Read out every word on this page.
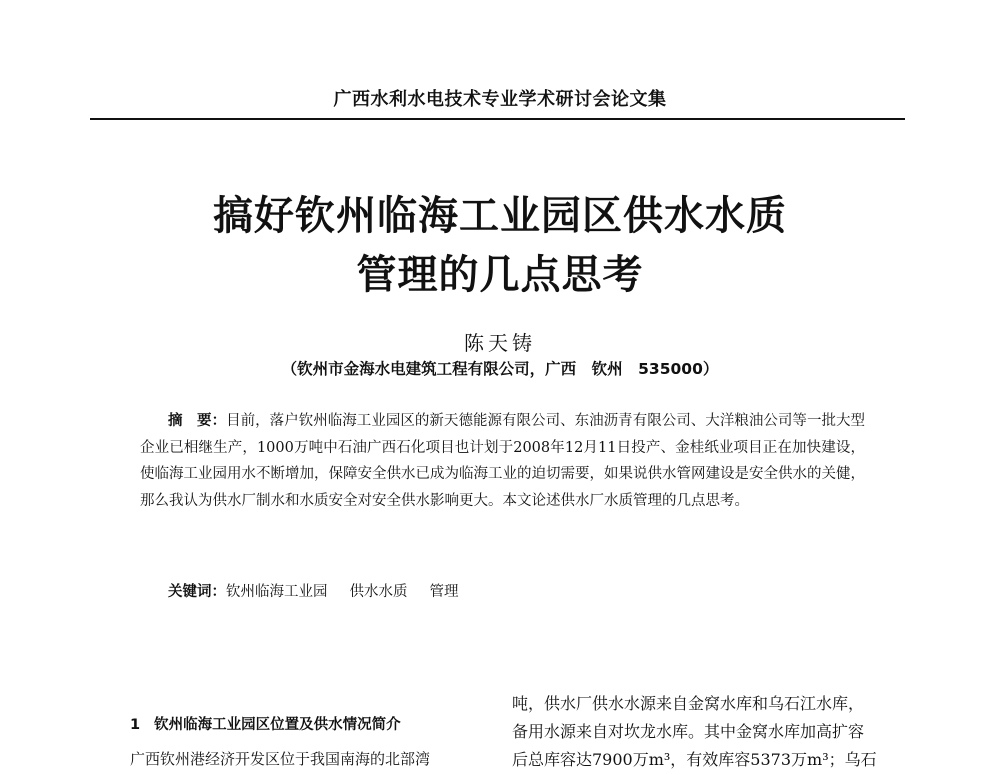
广西水利水电技术专业学术研讨会论文集
搞好钦州临海工业园区供水水质
管理的几点思考
陈天铸
（钦州市金海水电建筑工程有限公司，广西　钦州　535000）
摘　要：目前，落户钦州临海工业园区的新天德能源有限公司、东油沥青有限公司、大洋粮油公司等一批大型企业已相继生产，1000万吨中石油广西石化项目也计划于2008年12月11日投产、金桂纸业项目正在加快建设，使临海工业园用水不断增加，保障安全供水已成为临海工业的迫切需要，如果说供水管网建设是安全供水的关健，那么我认为供水厂制水和水质安全对安全供水影响更大。本文论述供水厂水质管理的几点思考。
关键词：钦州临海工业园 供水水质 管理
1 钦州临海工业园区位置及供水情况简介
广西钦州港经济开发区位于我国南海的北部湾
吨，供水厂供水水源来自金窝水库和乌石江水库，
备用水源来自对坎龙水库。其中金窝水库加高扩容
后总库容达7900万m³，有效库容5373万m³；乌石
